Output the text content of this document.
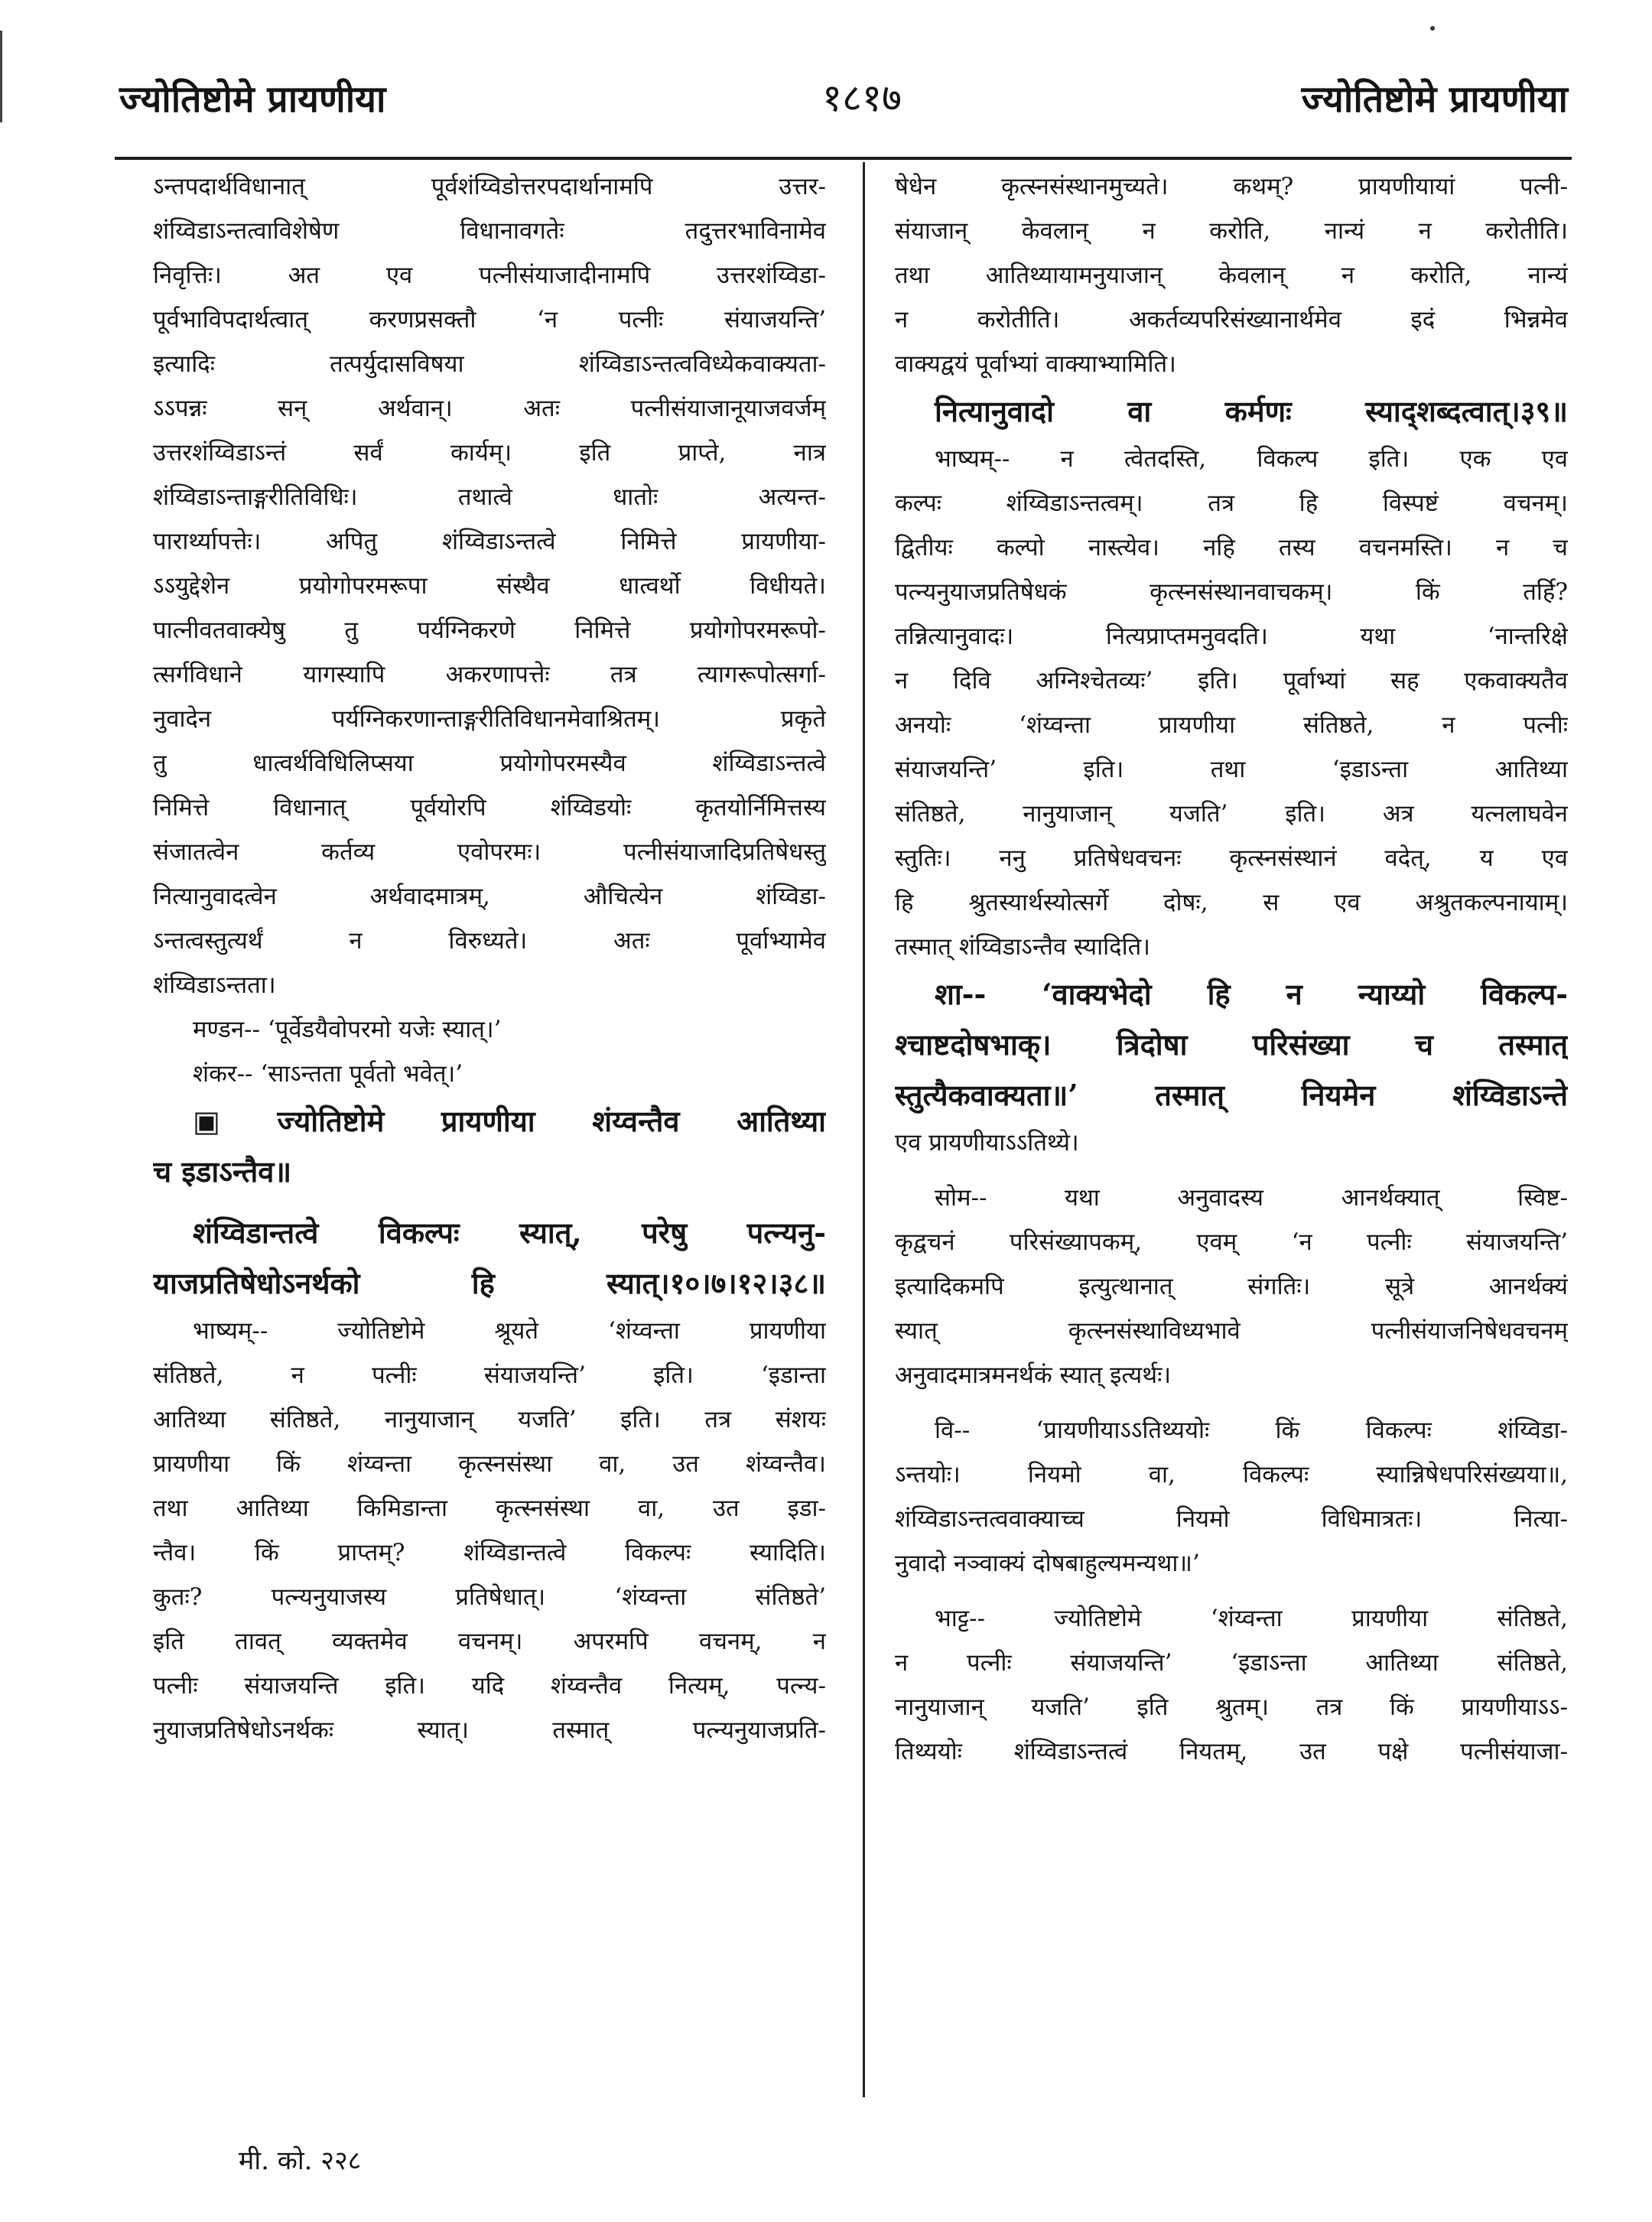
ज्योतिष्टोमे प्रायणीया	१८१७	ज्योतिष्टोमे प्रायणीया
ऽन्तपदार्थविधानात् पूर्वशंय्विडोत्तरपदार्थानामपि उत्तर-
शंय्विडाऽन्तत्वाविशेषेण विधानावगतेः तदुत्तरभाविनामेव
निवृत्तिः। अत एव पत्नीसंयाजादीनामपि उत्तरशंय्विडा-
पूर्वभाविपदार्थत्वात् करणप्रसक्तौ ‘न पत्नीः संयाजयन्ति’
इत्यादिः तत्पर्युदासविषया शंय्विडाऽन्तत्वविध्येकवाक्यता-
ऽऽपन्नः सन् अर्थवान्। अतः पत्नीसंयाजानूयाजवर्जम्
उत्तरशंय्विडाऽन्तं सर्वं कार्यम्। इति प्राप्ते, नात्र
शंय्विडाऽन्ताङ्गरीतिविधिः। तथात्वे धातोः अत्यन्त-
पारार्थ्यापत्तेः। अपितु शंय्विडाऽन्तत्वे निमित्ते प्रायणीया-
ऽऽयुद्देशेन प्रयोगोपरमरूपा संस्थैव धात्वर्थो विधीयते।
पात्नीवतवाक्येषु तु पर्यग्निकरणे निमित्ते प्रयोगोपरमरूपो-
त्सर्गविधाने यागस्यापि अकरणापत्तेः तत्र त्यागरूपोत्सर्गा-
नुवादेन पर्यग्निकरणान्ताङ्गरीतिविधानमेवाश्रितम्। प्रकृते
तु धात्वर्थविधिलिप्सया प्रयोगोपरमस्यैव शंय्विडाऽन्तत्वे
निमित्ते विधानात् पूर्वयोरपि शंय्विडयोः कृतयोर्निमित्तस्य
संजातत्वेन कर्तव्य एवोपरमः। पत्नीसंयाजादिप्रतिषेधस्तु
नित्यानुवादत्वेन अर्थवादमात्रम्, औचित्येन शंय्विडा-
ऽन्तत्वस्तुत्यर्थं न विरुध्यते। अतः पूर्वाभ्यामेव
शंय्विडाऽन्तता।
मण्डन-- ‘पूर्वेडयैवोपरमो यजेः स्यात्।’
शंकर-- ‘साऽन्तता पूर्वतो भवेत्।’
▣ ज्योतिष्टोमे प्रायणीया शंय्वन्तैव आतिथ्या
च इडाऽन्तैव॥
शंय्विडान्तत्वे विकल्पः स्यात्, परेषु पत्न्यनु-
याजप्रतिषेधोऽनर्थको हि स्यात्।१०।७।१२।३८॥
भाष्यम्-- ज्योतिष्टोमे श्रूयते ‘शंय्वन्ता प्रायणीया
संतिष्ठते, न पत्नीः संयाजयन्ति’ इति। ‘इडान्ता
आतिथ्या संतिष्ठते, नानुयाजान् यजति’ इति। तत्र संशयः
प्रायणीया किं शंय्वन्ता कृत्स्नसंस्था वा, उत शंय्वन्तैव।
तथा आतिथ्या किमिडान्ता कृत्स्नसंस्था वा, उत इडा-
न्तैव। किं प्राप्तम्? शंय्विडान्तत्वे विकल्पः स्यादिति।
कुतः? पत्न्यनुयाजस्य प्रतिषेधात्। ‘शंय्वन्ता संतिष्ठते’
इति तावत् व्यक्तमेव वचनम्। अपरमपि वचनम्, न
पत्नीः संयाजयन्ति इति। यदि शंय्वन्तैव नित्यम्, पत्न्य-
नुयाजप्रतिषेधोऽनर्थकः स्यात्। तस्मात् पत्न्यनुयाजप्रति-
षेधेन कृत्स्नसंस्थानमुच्यते। कथम्? प्रायणीयायां पत्नी-
संयाजान् केवलान् न करोति, नान्यं न करोतीति।
तथा आतिथ्यायामनुयाजान् केवलान् न करोति, नान्यं
न करोतीति। अकर्तव्यपरिसंख्यानार्थमेव इदं भिन्नमेव
वाक्यद्वयं पूर्वाभ्यां वाक्याभ्यामिति।
नित्यानुवादो वा कर्मणः स्याद्शब्दत्वात्।३९॥
भाष्यम्-- न त्वेतदस्ति, विकल्प इति। एक एव
कल्पः शंय्विडाऽन्तत्वम्। तत्र हि विस्पष्टं वचनम्।
द्वितीयः कल्पो नास्त्येव। नहि तस्य वचनमस्ति। न च
पत्न्यनुयाजप्रतिषेधकं कृत्स्नसंस्थानवाचकम्। किं तर्हि?
तन्नित्यानुवादः। नित्यप्राप्तमनुवदति। यथा ‘नान्तरिक्षे
न दिवि अग्निश्चेतव्यः’ इति। पूर्वाभ्यां सह एकवाक्यतैव
अनयोः ‘शंय्वन्ता प्रायणीया संतिष्ठते, न पत्नीः
संयाजयन्ति’ इति। तथा ‘इडाऽन्ता आतिथ्या
संतिष्ठते, नानुयाजान् यजति’ इति। अत्र यत्नलाघवेन
स्तुतिः। ननु प्रतिषेधवचनः कृत्स्नसंस्थानं वदेत्, य एव
हि श्रुतस्यार्थस्योत्सर्गे दोषः, स एव अश्रुतकल्पनायाम्।
तस्मात् शंय्विडाऽन्तैव स्यादिति।
शा-- ‘वाक्यभेदो हि न न्याय्यो विकल्प-
श्चाष्टदोषभाक्। त्रिदोषा परिसंख्या च तस्मात्
स्तुत्यैकवाक्यता॥’ तस्मात् नियमेन शंय्विडाऽन्ते
एव प्रायणीयाऽऽतिथ्ये।
सोम-- यथा अनुवादस्य आनर्थक्यात् स्विष्ट-
कृद्वचनं परिसंख्यापकम्, एवम् ‘न पत्नीः संयाजयन्ति’
इत्यादिकमपि इत्युत्थानात् संगतिः। सूत्रे आनर्थक्यं
स्यात् कृत्स्नसंस्थाविध्यभावे पत्नीसंयाजनिषेधवचनम्
अनुवादमात्रमनर्थकं स्यात् इत्यर्थः।
वि-- ‘प्रायणीयाऽऽतिथ्ययोः किं विकल्पः शंय्विडा-
ऽन्तयोः। नियमो वा, विकल्पः स्यान्निषेधपरिसंख्यया॥,
शंय्विडाऽन्तत्ववाक्याच्च नियमो विधिमात्रतः। नित्या-
नुवादो नञ्वाक्यं दोषबाहुल्यमन्यथा॥’
भाट्ट-- ज्योतिष्टोमे ‘शंय्वन्ता प्रायणीया संतिष्ठते,
न पत्नीः संयाजयन्ति’ ‘इडाऽन्ता आतिथ्या संतिष्ठते,
नानुयाजान् यजति’ इति श्रुतम्। तत्र किं प्रायणीयाऽऽ-
तिथ्ययोः शंय्विडाऽन्तत्वं नियतम्, उत पक्षे पत्नीसंयाजा-
मी. को. २२८
